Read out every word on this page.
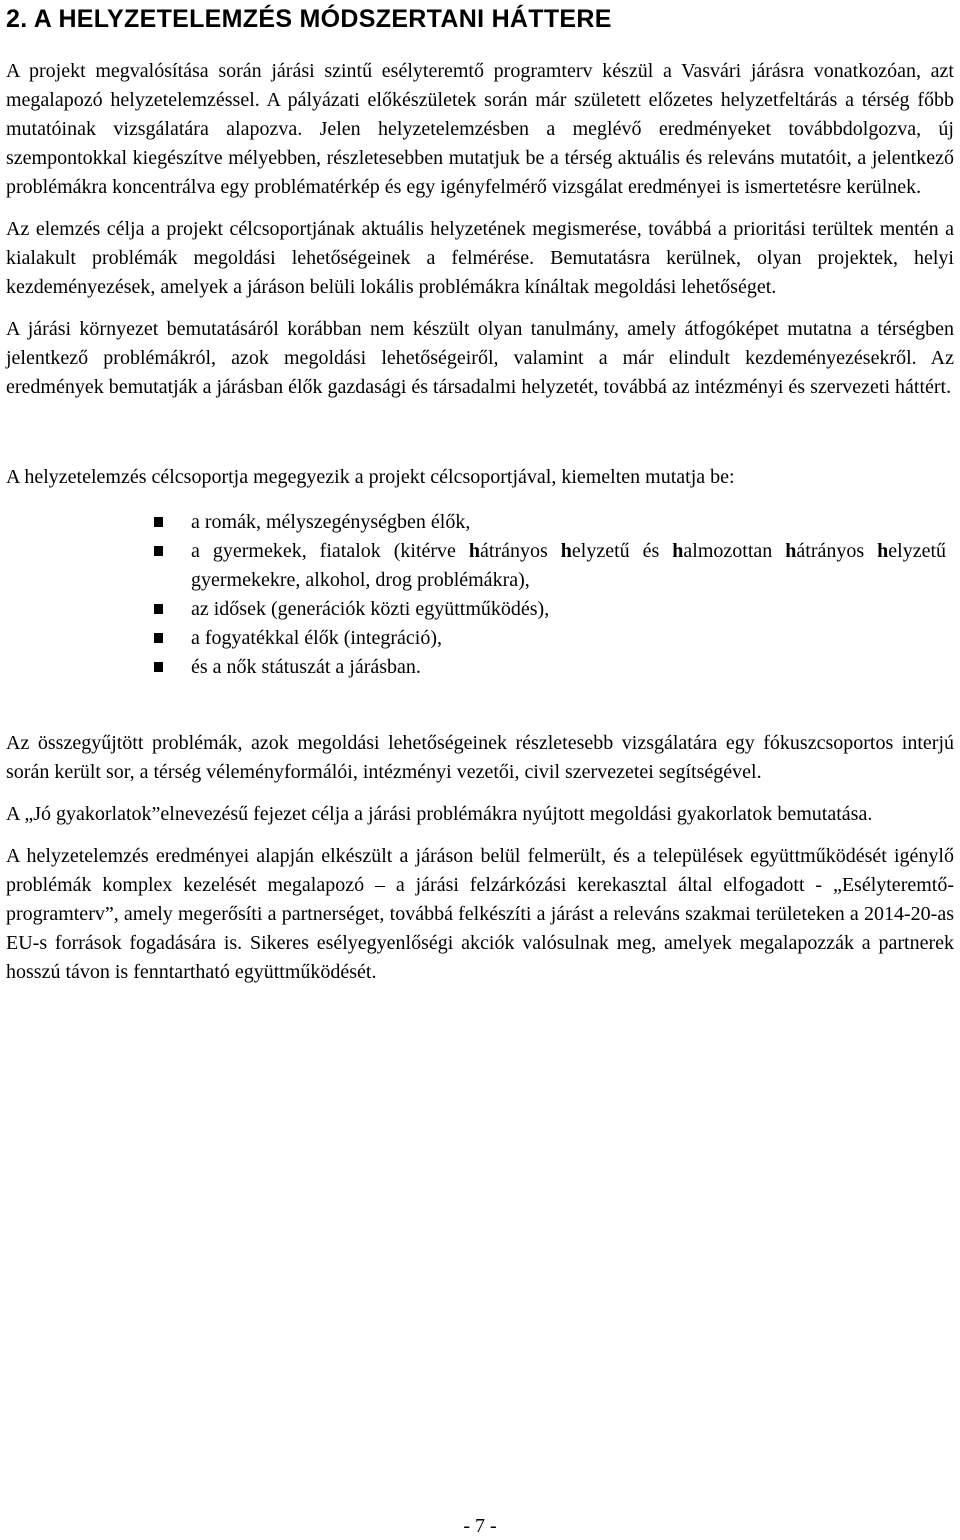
2. A HELYZETELEMZÉS MÓDSZERTANI HÁTTERE

A projekt megvalósítása során járási szintű esélyteremtő programterv készül a Vasvári járásra vonatkozóan, azt megalapozó helyzetelemzéssel. A pályázati előkészületek során már született előzetes helyzetfeltárás a térség főbb mutatóinak vizsgálatára alapozva. Jelen helyzetelemzésben a meglévő eredményeket továbbdolgozva, új szempontokkal kiegészítve mélyebben, részletesebben mutatjuk be a térség aktuális és releváns mutatóit, a jelentkező problémákra koncentrálva egy problématérkép és egy igényfelmérő vizsgálat eredményei is ismertetésre kerülnek.

Az elemzés célja a projekt célcsoportjának aktuális helyzetének megismerése, továbbá a prioritási terültek mentén a kialakult problémák megoldási lehetőségeinek a felmérése. Bemutatásra kerülnek, olyan projektek, helyi kezdeményezések, amelyek a járáson belüli lokális problémákra kínáltak megoldási lehetőséget.

A járási környezet bemutatásáról korábban nem készült olyan tanulmány, amely átfogóképet mutatna a térségben jelentkező problémákról, azok megoldási lehetőségeiről, valamint a már elindult kezdeményezésekről. Az eredmények bemutatják a járásban élők gazdasági és társadalmi helyzetét, továbbá az intézményi és szervezeti háttért.

A helyzetelemzés célcsoportja megegyezik a projekt célcsoportjával, kiemelten mutatja be:

a romák, mélyszegénységben élők,
a gyermekek, fiatalok (kitérve hátrányos helyzetű és halmozottan hátrányos helyzetű gyermekekre, alkohol, drog problémákra),
az idősek (generációk közti együttműködés),
a fogyatékkal élők (integráció),
és a nők státuszát a járásban.

Az összegyűjtött problémák, azok megoldási lehetőségeinek részletesebb vizsgálatára egy fókuszcsoportos interjú során került sor, a térség véleményformálói, intézményi vezetői, civil szervezetei segítségével.

A „Jó gyakorlatok”elnevezésű fejezet célja a járási problémákra nyújtott megoldási gyakorlatok bemutatása.

A helyzetelemzés eredményei alapján elkészült a járáson belül felmerült, és a települések együttműködését igénylő problémák komplex kezelését megalapozó – a járási felzárkózási kerekasztal által elfogadott - „Esélyteremtő-programterv”, amely megerősíti a partnerséget, továbbá felkészíti a járást a releváns szakmai területeken a 2014-20-as EU-s források fogadására is. Sikeres esélyegyenlőségi akciók valósulnak meg, amelyek megalapozzák a partnerek hosszú távon is fenntartható együttműködését.

- 7 -
